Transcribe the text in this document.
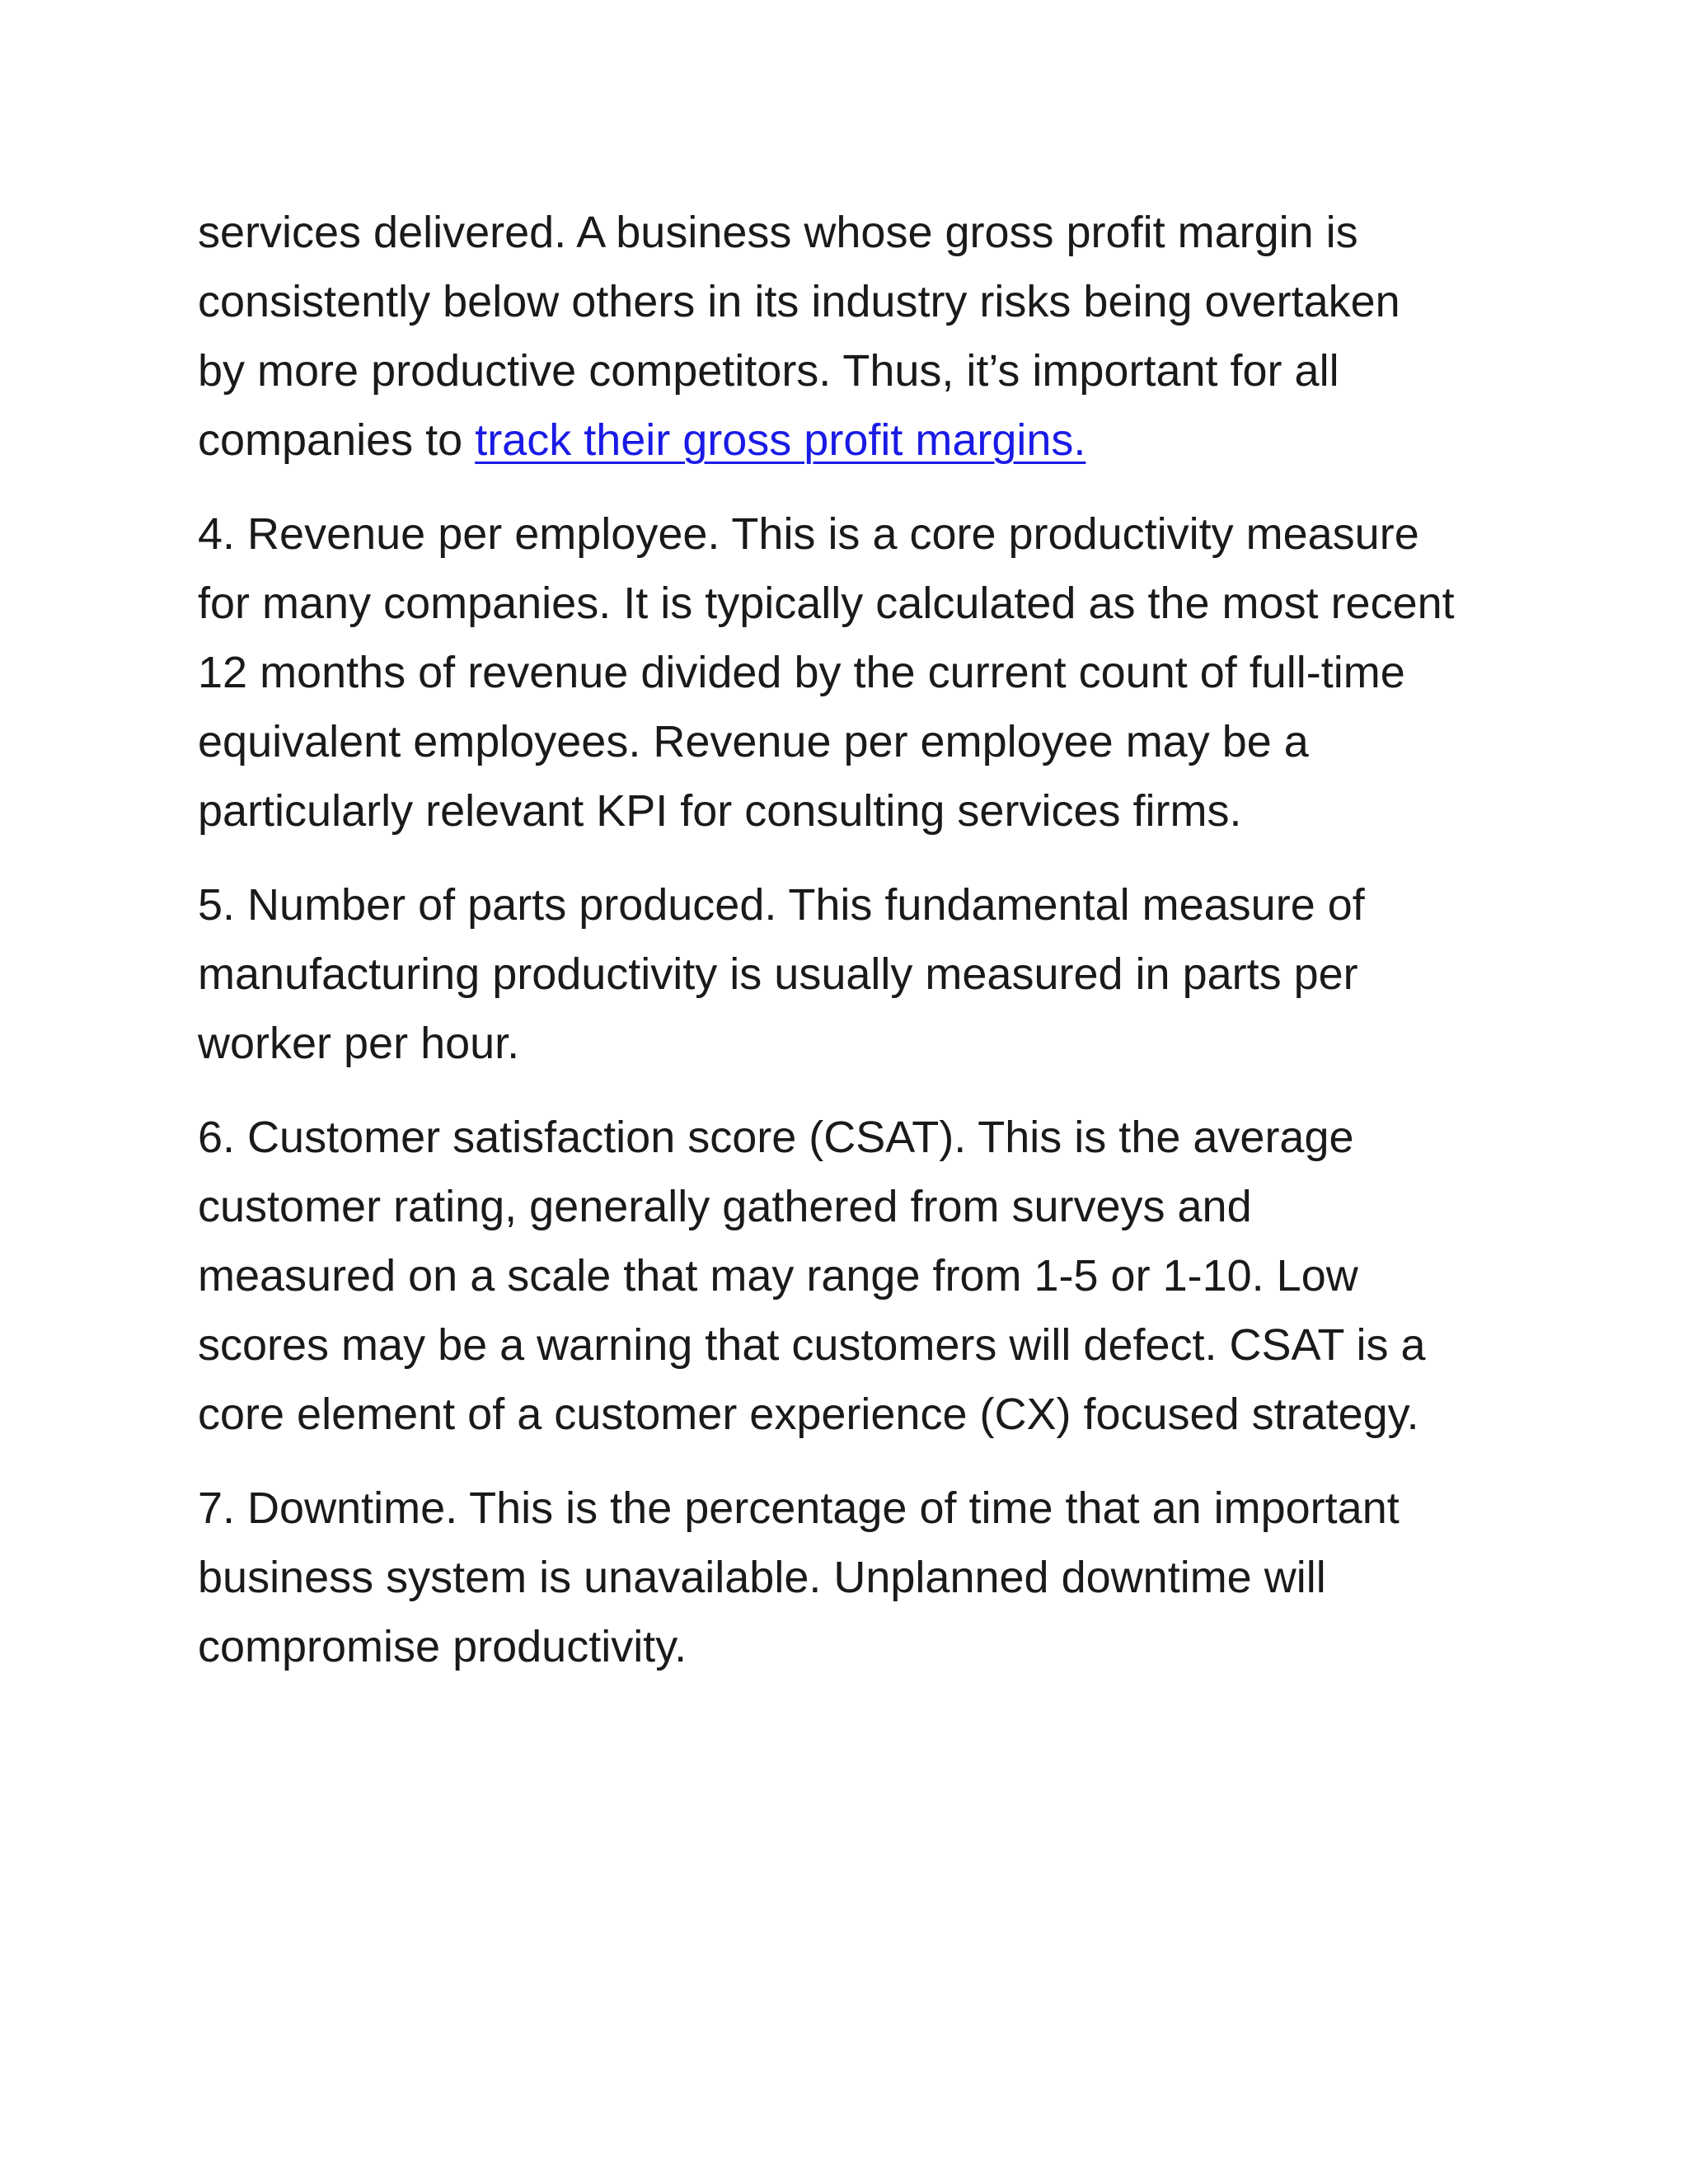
services delivered. A business whose gross profit margin is
consistently below others in its industry risks being overtaken
by more productive competitors. Thus, it’s important for all
companies to track their gross profit margins.

4. Revenue per employee. This is a core productivity measure
for many companies. It is typically calculated as the most recent
12 months of revenue divided by the current count of full-time
equivalent employees. Revenue per employee may be a
particularly relevant KPI for consulting services firms.

5. Number of parts produced. This fundamental measure of
manufacturing productivity is usually measured in parts per
worker per hour.

6. Customer satisfaction score (CSAT). This is the average
customer rating, generally gathered from surveys and
measured on a scale that may range from 1-5 or 1-10. Low
scores may be a warning that customers will defect. CSAT is a
core element of a customer experience (CX) focused strategy.

7. Downtime. This is the percentage of time that an important
business system is unavailable. Unplanned downtime will
compromise productivity.
